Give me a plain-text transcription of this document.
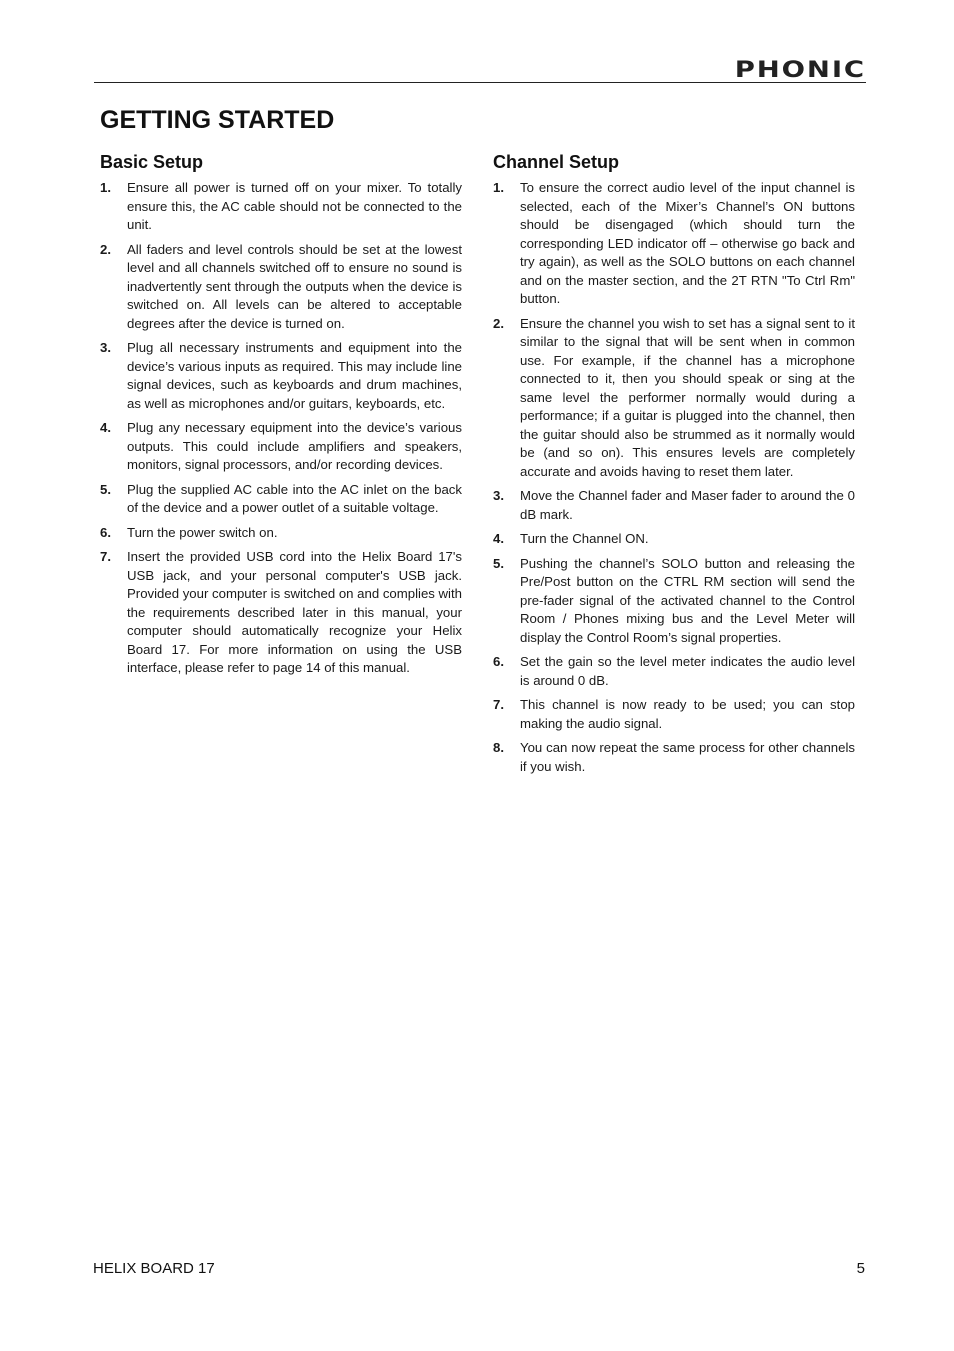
PHONIC
GETTING STARTED
Basic Setup
1.	Ensure all power is turned off on your mixer. To totally ensure this, the AC cable should not be connected to the unit.
2.	All faders and level controls should be set at the lowest level and all channels switched off to ensure no sound is inadvertently sent through the outputs when the device is switched on. All levels can be altered to acceptable degrees after the device is turned on.
3.	Plug all necessary instruments and equipment into the device’s various inputs as required. This may include line signal devices, such as keyboards and drum machines, as well as microphones and/or guitars, keyboards, etc.
4.	Plug any necessary equipment into the device’s various outputs. This could include amplifiers and speakers, monitors, signal processors, and/or recording devices.
5.	Plug the supplied AC cable into the AC inlet on the back of the device and a power outlet of a suitable voltage.
6.	Turn the power switch on.
7.	Insert the provided USB cord into the Helix Board 17's USB jack, and your personal computer's USB jack. Provided your computer is switched on and complies with the requirements described later in this manual, your computer should automatically recognize your Helix Board 17. For more information on using the USB interface, please refer to page 14 of this manual.
Channel Setup
1.	To ensure the correct audio level of the input channel is selected, each of the Mixer’s Channel’s ON buttons should be disengaged (which should turn the corresponding LED indicator off – otherwise go back and try again), as well as the SOLO buttons on each channel and on the master section, and the 2T RTN "To Ctrl Rm" button.
2.	Ensure the channel you wish to set has a signal sent to it similar to the signal that will be sent when in common use. For example, if the channel has a microphone connected to it, then you should speak or sing at the same level the performer normally would during a performance; if a guitar is plugged into the channel, then the guitar should also be strummed as it normally would be (and so on). This ensures levels are completely accurate and avoids having to reset them later.
3.	Move the Channel fader and Maser fader to around the 0 dB mark.
4.	Turn the Channel ON.
5.	Pushing the channel’s SOLO button and releasing the Pre/Post button on the CTRL RM section will send the pre-fader signal of the activated channel to the Control Room / Phones mixing bus and the Level Meter will display the Control Room’s signal properties.
6.	Set the gain so the level meter indicates the audio level is around 0 dB.
7.	This channel is now ready to be used; you can stop making the audio signal.
8.	You can now repeat the same process for other channels if you wish.
HELIX BOARD 17	5
